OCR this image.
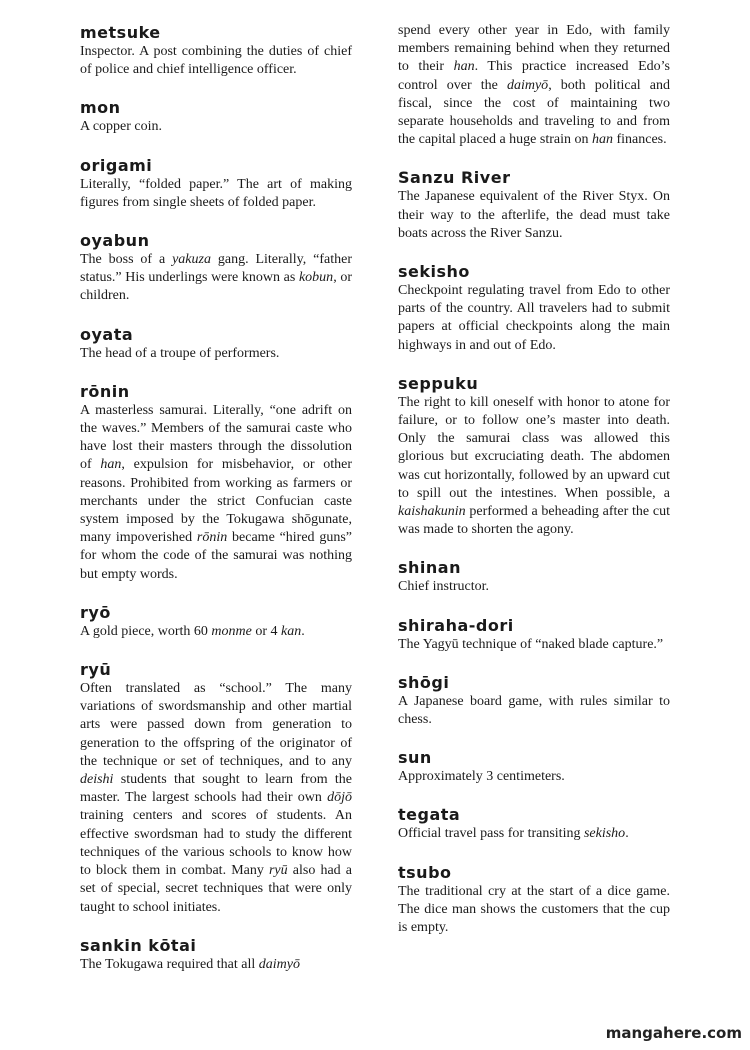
metsuke
Inspector. A post combining the duties of chief of police and chief intelligence officer.
mon
A copper coin.
origami
Literally, “folded paper.” The art of making figures from single sheets of folded paper.
oyabun
The boss of a yakuza gang. Literally, “father status.” His underlings were known as kobun, or children.
oyata
The head of a troupe of performers.
rōnin
A masterless samurai. Literally, “one adrift on the waves.” Members of the samurai caste who have lost their masters through the dissolution of han, expulsion for misbehavior, or other reasons. Prohibited from working as farmers or merchants under the strict Confucian caste system imposed by the Tokugawa shōgunate, many impoverished rōnin became “hired guns” for whom the code of the samurai was nothing but empty words.
ryō
A gold piece, worth 60 monme or 4 kan.
ryū
Often translated as “school.” The many variations of swordsmanship and other martial arts were passed down from generation to generation to the offspring of the originator of the technique or set of techniques, and to any deishi students that sought to learn from the master. The largest schools had their own dōjō training centers and scores of students. An effective swordsman had to study the different techniques of the various schools to know how to block them in combat. Many ryū also had a set of special, secret techniques that were only taught to school initiates.
sankin kōtai
The Tokugawa required that all daimyō
spend every other year in Edo, with family members remaining behind when they returned to their han. This practice increased Edo’s control over the daimyō, both political and fiscal, since the cost of maintaining two separate households and traveling to and from the capital placed a huge strain on han finances.
Sanzu River
The Japanese equivalent of the River Styx. On their way to the afterlife, the dead must take boats across the River Sanzu.
sekisho
Checkpoint regulating travel from Edo to other parts of the country. All travelers had to submit papers at official checkpoints along the main highways in and out of Edo.
seppuku
The right to kill oneself with honor to atone for failure, or to follow one’s master into death. Only the samurai class was allowed this glorious but excruciating death. The abdomen was cut horizontally, followed by an upward cut to spill out the intestines. When possible, a kaishakunin performed a beheading after the cut was made to shorten the agony.
shinan
Chief instructor.
shiraha-dori
The Yagyū technique of “naked blade capture.”
shōgi
A Japanese board game, with rules similar to chess.
sun
Approximately 3 centimeters.
tegata
Official travel pass for transiting sekisho.
tsubo
The traditional cry at the start of a dice game. The dice man shows the customers that the cup is empty.
mangahere.com
